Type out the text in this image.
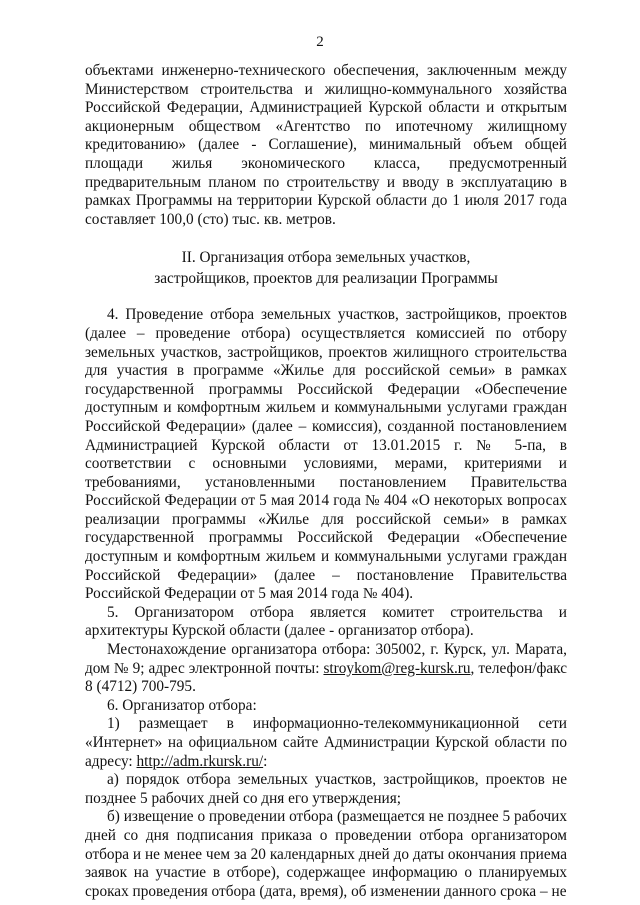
2

объектами инженерно-технического обеспечения, заключенным между Министерством строительства и жилищно-коммунального хозяйства Российской Федерации, Администрацией Курской области и открытым акционерным обществом «Агентство по ипотечному жилищному кредитованию» (далее - Соглашение), минимальный объем общей площади жилья экономического класса, предусмотренный предварительным планом по строительству и вводу в эксплуатацию в рамках Программы на территории Курской области до 1 июля 2017 года составляет 100,0 (сто) тыс. кв. метров.

II. Организация отбора земельных участков,
застройщиков, проектов для реализации Программы

4. Проведение отбора земельных участков, застройщиков, проектов (далее – проведение отбора) осуществляется комиссией по отбору земельных участков, застройщиков, проектов жилищного строительства для участия в программе «Жилье для российской семьи» в рамках государственной программы Российской Федерации «Обеспечение доступным и комфортным жильем и коммунальными услугами граждан Российской Федерации» (далее – комиссия), созданной постановлением Администрацией Курской области от 13.01.2015 г. № 5-па, в соответствии с основными условиями, мерами, критериями и требованиями, установленными постановлением Правительства Российской Федерации от 5 мая 2014 года № 404 «О некоторых вопросах реализации программы «Жилье для российской семьи» в рамках государственной программы Российской Федерации «Обеспечение доступным и комфортным жильем и коммунальными услугами граждан Российской Федерации» (далее – постановление Правительства Российской Федерации от 5 мая 2014 года № 404).

5. Организатором отбора является комитет строительства и архитектуры Курской области (далее - организатор отбора).

Местонахождение организатора отбора: 305002, г. Курск, ул. Марата, дом № 9; адрес электронной почты: stroykom@reg-kursk.ru, телефон/факс 8 (4712) 700-795.

6. Организатор отбора:

1) размещает в информационно-телекоммуникационной сети «Интернет» на официальном сайте Администрации Курской области по адресу: http://adm.rkursk.ru/:

а) порядок отбора земельных участков, застройщиков, проектов не позднее 5 рабочих дней со дня его утверждения;

б) извещение о проведении отбора (размещается не позднее 5 рабочих дней со дня подписания приказа о проведении отбора организатором отбора и не менее чем за 20 календарных дней до даты окончания приема заявок на участие в отборе), содержащее информацию о планируемых сроках проведения отбора (дата, время), об изменении данного срока – не
